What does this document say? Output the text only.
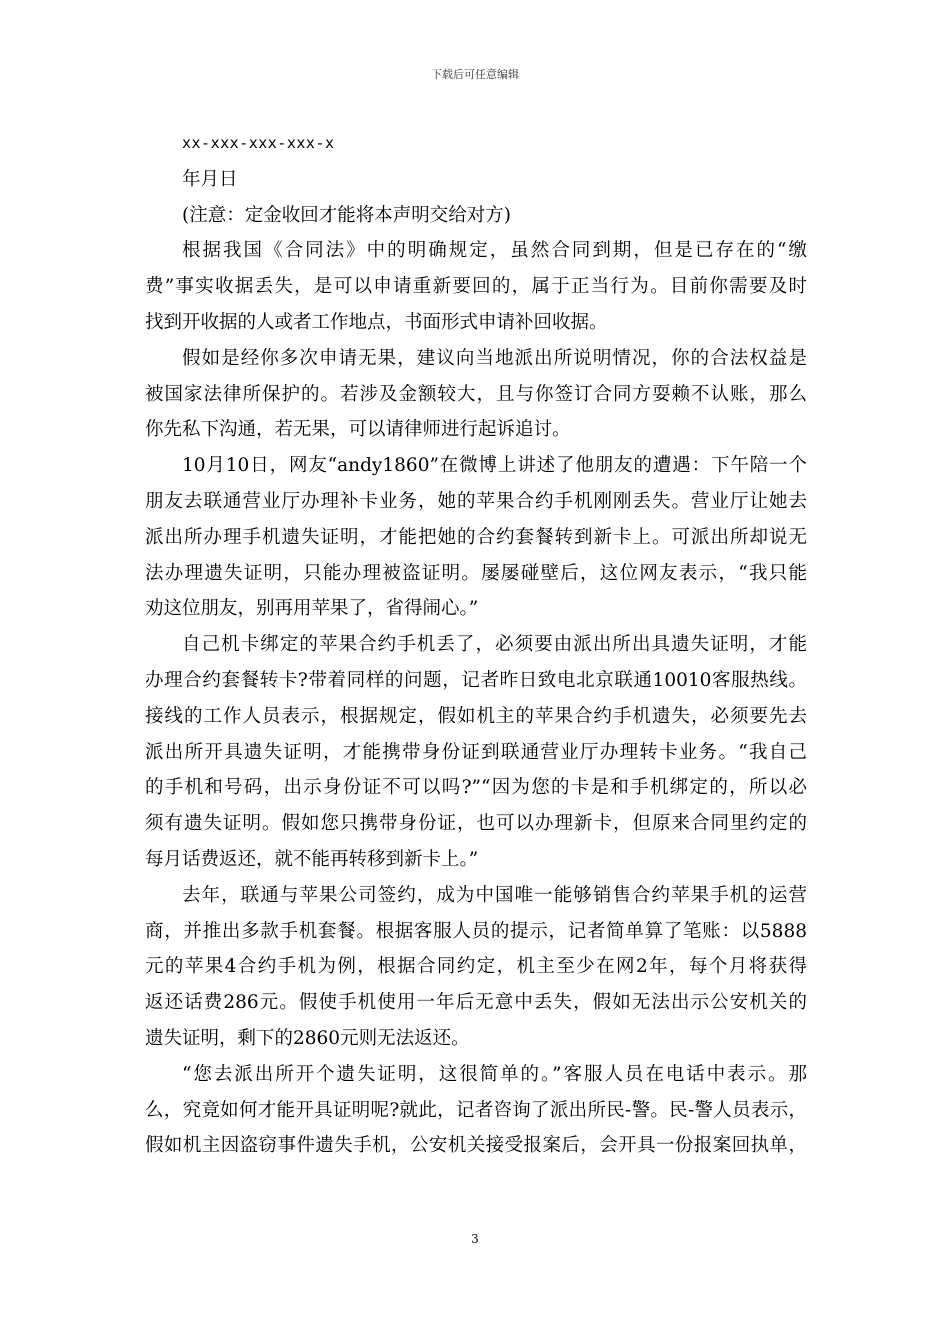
下载后可任意编辑
xx-xxx-xxx-xxx-x
年月日
(注意：定金收回才能将本声明交给对方)
根据我国《合同法》中的明确规定，虽然合同到期，但是已存在的“缴
费”事实收据丢失，是可以申请重新要回的，属于正当行为。目前你需要及时
找到开收据的人或者工作地点，书面形式申请补回收据。
假如是经你多次申请无果，建议向当地派出所说明情况，你的合法权益是
被国家法律所保护的。若涉及金额较大，且与你签订合同方耍赖不认账，那么
你先私下沟通，若无果，可以请律师进行起诉追讨。
10月10日，网友“andy1860”在微博上讲述了他朋友的遭遇：下午陪一个
朋友去联通营业厅办理补卡业务，她的苹果合约手机刚刚丢失。营业厅让她去
派出所办理手机遗失证明，才能把她的合约套餐转到新卡上。可派出所却说无
法办理遗失证明，只能办理被盗证明。屡屡碰壁后，这位网友表示，“我只能
劝这位朋友，别再用苹果了，省得闹心。”
自己机卡绑定的苹果合约手机丢了，必须要由派出所出具遗失证明，才能
办理合约套餐转卡?带着同样的问题，记者昨日致电北京联通10010客服热线。
接线的工作人员表示，根据规定，假如机主的苹果合约手机遗失，必须要先去
派出所开具遗失证明，才能携带身份证到联通营业厅办理转卡业务。“我自己
的手机和号码，出示身份证不可以吗?”“因为您的卡是和手机绑定的，所以必
须有遗失证明。假如您只携带身份证，也可以办理新卡，但原来合同里约定的
每月话费返还，就不能再转移到新卡上。”
去年，联通与苹果公司签约，成为中国唯一能够销售合约苹果手机的运营
商，并推出多款手机套餐。根据客服人员的提示，记者简单算了笔账：以5888
元的苹果4合约手机为例，根据合同约定，机主至少在网2年，每个月将获得
返还话费286元。假使手机使用一年后无意中丢失，假如无法出示公安机关的
遗失证明，剩下的2860元则无法返还。
“您去派出所开个遗失证明，这很简单的。”客服人员在电话中表示。那
么，究竟如何才能开具证明呢?就此，记者咨询了派出所民-警。民-警人员表示，
假如机主因盗窃事件遗失手机，公安机关接受报案后，会开具一份报案回执单，
3
